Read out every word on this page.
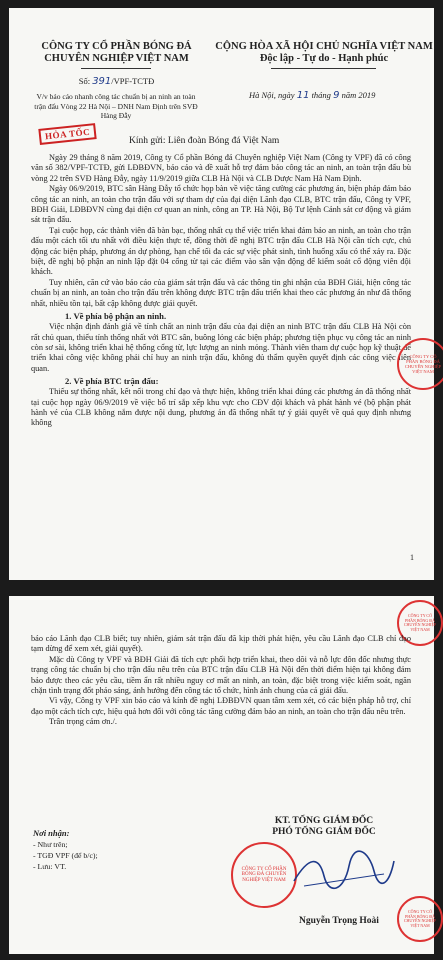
CÔNG TY CỔ PHẦN BÓNG ĐÁ
CHUYÊN NGHIỆP VIỆT NAM
CỘNG HÒA XÃ HỘI CHỦ NGHĨA VIỆT NAM
Độc lập - Tự do - Hạnh phúc
Số: 391/VPF-TCTĐ
V/v báo cáo nhanh công tác chuẩn bị an ninh an toàn trận đấu Vòng 22 Hà Nội – DNH Nam Định trên SVĐ Hàng Đẫy
Hà Nội, ngày 11 tháng 9 năm 2019
HỎA TỐC	Kính gửi: Liên đoàn Bóng đá Việt Nam

Ngày 29 tháng 8 năm 2019, Công ty Cổ phần Bóng đá Chuyên nghiệp Việt Nam (Công ty VPF) đã có công văn số 382/VPF-TCTĐ, gửi LĐBĐVN, báo cáo và đề xuất hỗ trợ đảm bảo công tác an ninh, an toàn trận đấu bù vòng 22 trên SVĐ Hàng Đẫy, ngày 11/9/2019 giữa CLB Hà Nội và CLB Dược Nam Hà Nam Định.

Ngày 06/9/2019, BTC sân Hàng Đẫy tổ chức họp bàn về việc tăng cường các phương án, biện pháp đảm bảo công tác an ninh, an toàn cho trận đấu với sự tham dự của đại diện Lãnh đạo CLB, BTC trận đấu, Công ty VPF, BĐH Giải, LĐBĐVN cùng đại diện cơ quan an ninh, công an TP. Hà Nội, Bộ Tư lệnh Cảnh sát cơ động và giám sát trận đấu.

Tại cuộc họp, các thành viên đã bàn bạc, thống nhất cụ thể việc triển khai đảm bảo an ninh, an toàn cho trận đấu một cách tối ưu nhất với điều kiện thực tế, đồng thời đề nghị BTC trận đấu CLB Hà Nội cần tích cực, chủ động các biện pháp, phương án dự phòng, hạn chế tối đa các sự việc phát sinh, tình huống xấu có thể xảy ra. Đặc biệt, đề nghị bộ phận an ninh lập đặt 04 cổng từ tại các điểm vào sân vận động để kiểm soát cổ động viên đội khách.

Tuy nhiên, căn cứ vào báo cáo của giám sát trận đấu và các thông tin ghi nhận của BĐH Giải, hiện công tác chuẩn bị an ninh, an toàn cho trận đấu trên không được BTC trận đấu triển khai theo các phương án như đã thống nhất, nhiều tồn tại, bất cập không được giải quyết.

1. Về phía bộ phận an ninh.

Việc nhận định đánh giá về tính chất an ninh trận đấu của đại diện an ninh BTC trận đấu CLB Hà Nội còn rất chủ quan, thiếu tính thống nhất với BTC sân, buông lỏng các biện pháp; phương tiện phục vụ công tác an ninh còn sơ sài, không triển khai hệ thống cổng từ, lực lượng an ninh mỏng. Thành viên tham dự cuộc họp kỹ thuật để triển khai công việc không phải chỉ huy an ninh trận đấu, không đủ thẩm quyền quyết định các công việc liên quan.

2. Về phía BTC trận đấu:

Thiếu sự thống nhất, kết nối trong chỉ đạo và thực hiện, không triển khai đúng các phương án đã thống nhất tại cuộc họp ngày 06/9/2019 về việc bố trí sắp xếp khu vực cho CĐV đội khách và phát hành vé (bộ phận phát hành vé của CLB không nắm được nội dung, phương án đã thống nhất tự ý giải quyết về quá quy định nhưng không

CÔNG TY CỔ PHẦN BÓNG ĐÁ CHUYÊN NGHIỆP VIỆT NAM
1
CÔNG TY CỔ PHẦN BÓNG ĐÁ CHUYÊN NGHIỆP VIỆT NAM

báo cáo Lãnh đạo CLB biết; tuy nhiên, giám sát trận đấu đã kịp thời phát hiện, yêu cầu Lãnh đạo CLB chỉ đạo tạm dừng để xem xét, giải quyết).

Mặc dù Công ty VPF và BĐH Giải đã tích cực phối hợp triển khai, theo dõi và nỗ lực đôn đốc nhưng thực trạng công tác chuẩn bị cho trận đấu nêu trên của BTC trận đấu CLB Hà Nội đến thời điểm hiện tại không đảm bảo được theo các yêu cầu, tiềm ẩn rất nhiều nguy cơ mất an ninh, an toàn, đặc biệt trong việc kiểm soát, ngăn chặn tình trạng đốt pháo sáng, ảnh hưởng đến công tác tổ chức, hình ảnh chung của cả giải đấu.

Vì vậy, Công ty VPF xin báo cáo và kính đề nghị LĐBĐVN quan tâm xem xét, có các biện pháp hỗ trợ, chỉ đạo một cách tích cực, hiệu quả hơn đối với công tác tăng cường đảm bảo an ninh, an toàn cho trận đấu nêu trên.

Trân trọng cảm ơn./.

KT. TỔNG GIÁM ĐỐC
PHÓ TỔNG GIÁM ĐỐC
Nơi nhận:
- Như trên;
- TGĐ VPF (để b/c);
- Lưu: VT.	CÔNG TY CỔ PHẦN BÓNG ĐÁ CHUYÊN NGHIỆP VIỆT NAM
Nguyễn Trọng Hoài
CÔNG TY CỔ PHẦN BÓNG ĐÁ CHUYÊN NGHIỆP VIỆT NAM
